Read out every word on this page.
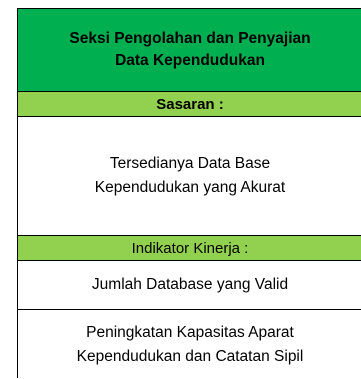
Seksi Pengolahan dan Penyajian
Data Kependudukan
Sasaran :
Tersedianya Data Base
Kependudukan yang Akurat
Indikator Kinerja :
Jumlah Database yang Valid
Peningkatan Kapasitas Aparat
Kependudukan dan Catatan Sipil
